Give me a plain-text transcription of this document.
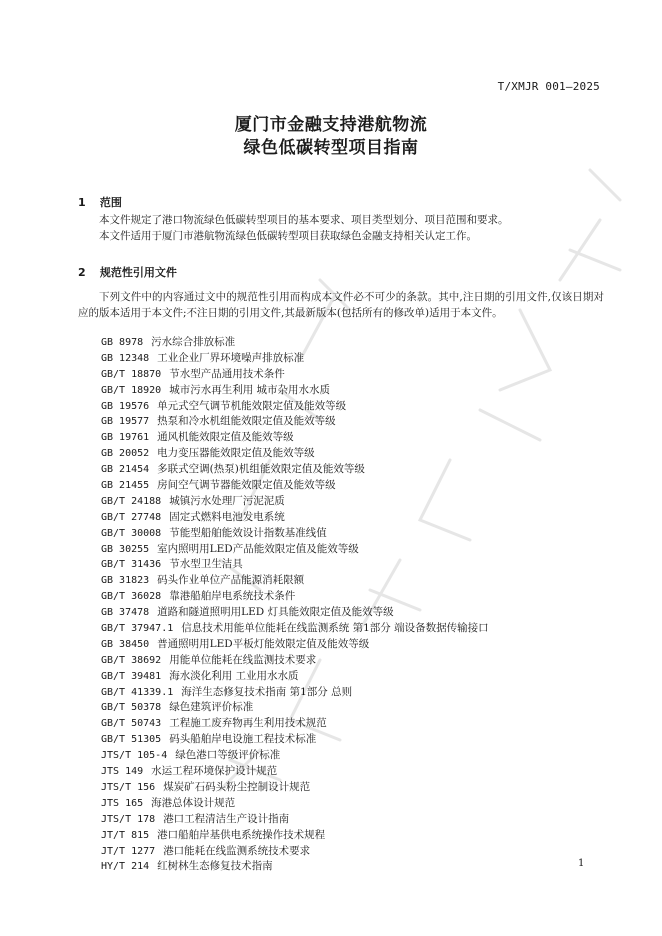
T/XMJR 001—2025
厦门市金融支持港航物流
绿色低碳转型项目指南
1 范围

本文件规定了港口物流绿色低碳转型项目的基本要求、项目类型划分、项目范围和要求。

本文件适用于厦门市港航物流绿色低碳转型项目获取绿色金融支持相关认定工作。

2 规范性引用文件

下列文件中的内容通过文中的规范性引用而构成本文件必不可少的条款。其中,注日期的引用文件,仅该日期对应的版本适用于本文件;不注日期的引用文件,其最新版本(包括所有的修改单)适用于本文件。

GB 8978 污水综合排放标准
GB 12348 工业企业厂界环境噪声排放标准
GB/T 18870 节水型产品通用技术条件
GB/T 18920 城市污水再生利用 城市杂用水水质
GB 19576 单元式空气调节机能效限定值及能效等级
GB 19577 热泵和冷水机组能效限定值及能效等级
GB 19761 通风机能效限定值及能效等级
GB 20052 电力变压器能效限定值及能效等级
GB 21454 多联式空调(热泵)机组能效限定值及能效等级
GB 21455 房间空气调节器能效限定值及能效等级
GB/T 24188 城镇污水处理厂污泥泥质
GB/T 27748 固定式燃料电池发电系统
GB/T 30008 节能型船舶能效设计指数基准线值
GB 30255 室内照明用LED产品能效限定值及能效等级
GB/T 31436 节水型卫生洁具
GB 31823 码头作业单位产品能源消耗限额
GB/T 36028 靠港船舶岸电系统技术条件
GB 37478 道路和隧道照明用LED 灯具能效限定值及能效等级
GB/T 37947.1 信息技术用能单位能耗在线监测系统 第1部分 端设备数据传输接口
GB 38450 普通照明用LED平板灯能效限定值及能效等级
GB/T 38692 用能单位能耗在线监测技术要求
GB/T 39481 海水淡化利用 工业用水水质
GB/T 41339.1 海洋生态修复技术指南 第1部分 总则
GB/T 50378 绿色建筑评价标准
GB/T 50743 工程施工废弃物再生利用技术规范
GB/T 51305 码头船舶岸电设施工程技术标准
JTS/T 105-4 绿色港口等级评价标准
JTS 149 水运工程环境保护设计规范
JTS/T 156 煤炭矿石码头粉尘控制设计规范
JTS 165 海港总体设计规范
JTS/T 178 港口工程清洁生产设计指南
JT/T 815 港口船舶岸基供电系统操作技术规程
JT/T 1277 港口能耗在线监测系统技术要求
HY/T 214 红树林生态修复技术指南	1
